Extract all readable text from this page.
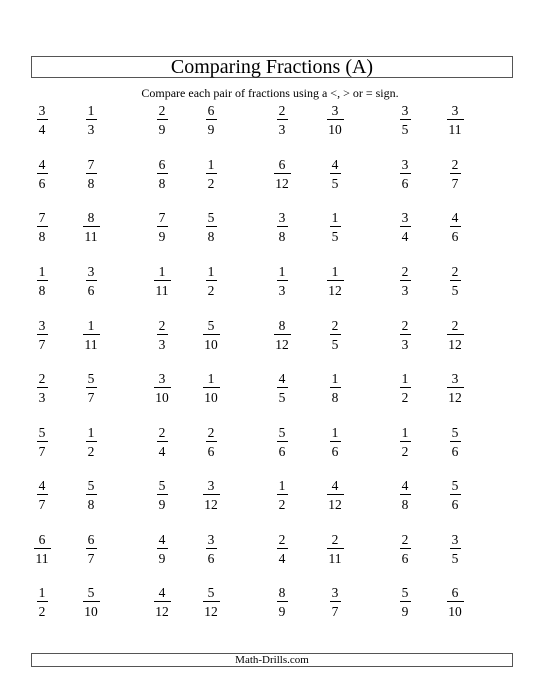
Comparing Fractions (A)
Compare each pair of fractions using a <, > or = sign.
3
4
1
3
2
9
6
9
2
3
3
10
3
5
3
11
4
6
7
8
6
8
1
2
6
12
4
5
3
6
2
7
7
8
8
11
7
9
5
8
3
8
1
5
3
4
4
6
1
8
3
6
1
11
1
2
1
3
1
12
2
3
2
5
3
7
1
11
2
3
5
10
8
12
2
5
2
3
2
12
2
3
5
7
3
10
1
10
4
5
1
8
1
2
3
12
5
7
1
2
2
4
2
6
5
6
1
6
1
2
5
6
4
7
5
8
5
9
3
12
1
2
4
12
4
8
5
6
6
11
6
7
4
9
3
6
2
4
2
11
2
6
3
5
1
2
5
10
4
12
5
12
8
9
3
7
5
9
6
10
Math-Drills.com
